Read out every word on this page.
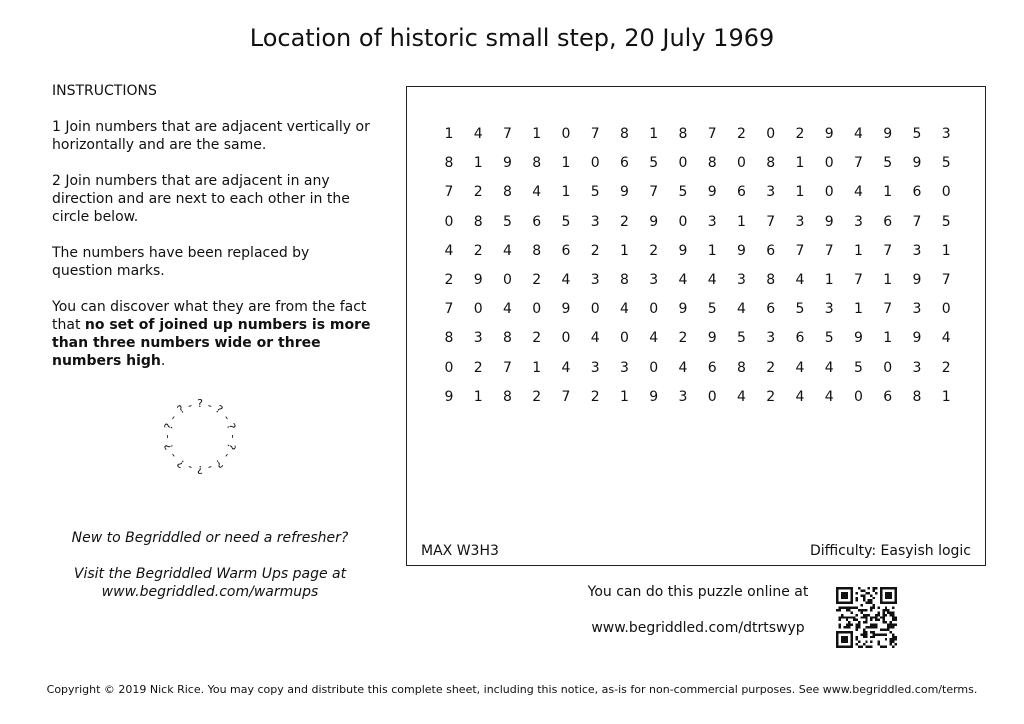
Location of historic small step, 20 July 1969

INSTRUCTIONS

1 Join numbers that are adjacent vertically or horizontally and are the same.

2 Join numbers that are adjacent in any direction and are next to each other in the circle below.

The numbers have been replaced by question marks.

You can discover what they are from the fact that no set of joined up numbers is more than three numbers wide or three numbers high.

? - ?
-
?
-
?
-
?
-
?
-
?
-
?
-
?
-
? -

New to Begriddled or need a refresher?

Visit the Begriddled Warm Ups page at www.begriddled.com/warmups

1	4	7	1	0	7	8	1	8	7	2	0	2	9	4	9	5	3
8	1	9	8	1	0	6	5	0	8	0	8	1	0	7	5	9	5
7	2	8	4	1	5	9	7	5	9	6	3	1	0	4	1	6	0
0	8	5	6	5	3	2	9	0	3	1	7	3	9	3	6	7	5
4	2	4	8	6	2	1	2	9	1	9	6	7	7	1	7	3	1
2	9	0	2	4	3	8	3	4	4	3	8	4	1	7	1	9	7
7	0	4	0	9	0	4	0	9	5	4	6	5	3	1	7	3	0
8	3	8	2	0	4	0	4	2	9	5	3	6	5	9	1	9	4
0	2	7	1	4	3	3	0	4	6	8	2	4	4	5	0	3	2
9	1	8	2	7	2	1	9	3	0	4	2	4	4	0	6	8	1
MAX W3H3	Difficulty: Easyish logic
You can do this puzzle online at
www.begriddled.com/dtrtswyp
Copyright © 2019 Nick Rice. You may copy and distribute this complete sheet, including this notice, as-is for non-commercial purposes. See www.begriddled.com/terms.
